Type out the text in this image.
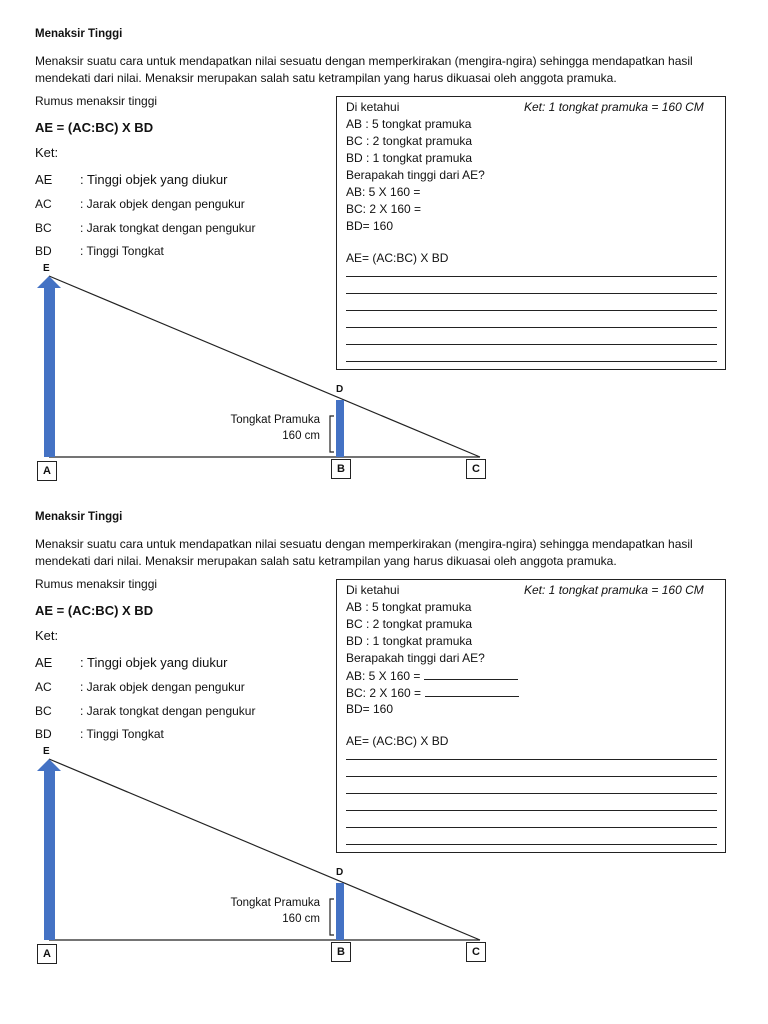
Menaksir Tinggi
Menaksir suatu cara untuk mendapatkan nilai sesuatu dengan memperkirakan (mengira-ngira) sehingga mendapatkan hasil mendekati dari nilai. Menaksir merupakan salah satu ketrampilan yang harus dikuasai oleh anggota pramuka.
Rumus menaksir tinggi
AE = (AC:BC) X BD
Ket:
AE : Tinggi objek yang diukur
AC : Jarak objek dengan pengukur
BC : Jarak tongkat dengan pengukur
BD : Tinggi Tongkat
Di ketahui	Ket: 1 tongkat pramuka = 160 CM
AB : 5 tongkat pramuka
BC : 2 tongkat pramuka
BD : 1 tongkat pramuka
Berapakah tinggi dari AE?
AB: 5 X 160 =
BC: 2 X 160 =
BD= 160
AE= (AC:BC) X BD
E
D
A	B	C
Tongkat Pramuka
160 cm
Menaksir Tinggi
Menaksir suatu cara untuk mendapatkan nilai sesuatu dengan memperkirakan (mengira-ngira) sehingga mendapatkan hasil mendekati dari nilai. Menaksir merupakan salah satu ketrampilan yang harus dikuasai oleh anggota pramuka.
Rumus menaksir tinggi
AE = (AC:BC) X BD
Ket:
AE : Tinggi objek yang diukur
AC : Jarak objek dengan pengukur
BC : Jarak tongkat dengan pengukur
BD : Tinggi Tongkat
Di ketahui	Ket: 1 tongkat pramuka = 160 CM
AB : 5 tongkat pramuka
BC : 2 tongkat pramuka
BD : 1 tongkat pramuka
Berapakah tinggi dari AE?
AB: 5 X 160 =
BC: 2 X 160 =
BD= 160
AE= (AC:BC) X BD
E
D
A	B	C
Tongkat Pramuka
160 cm
